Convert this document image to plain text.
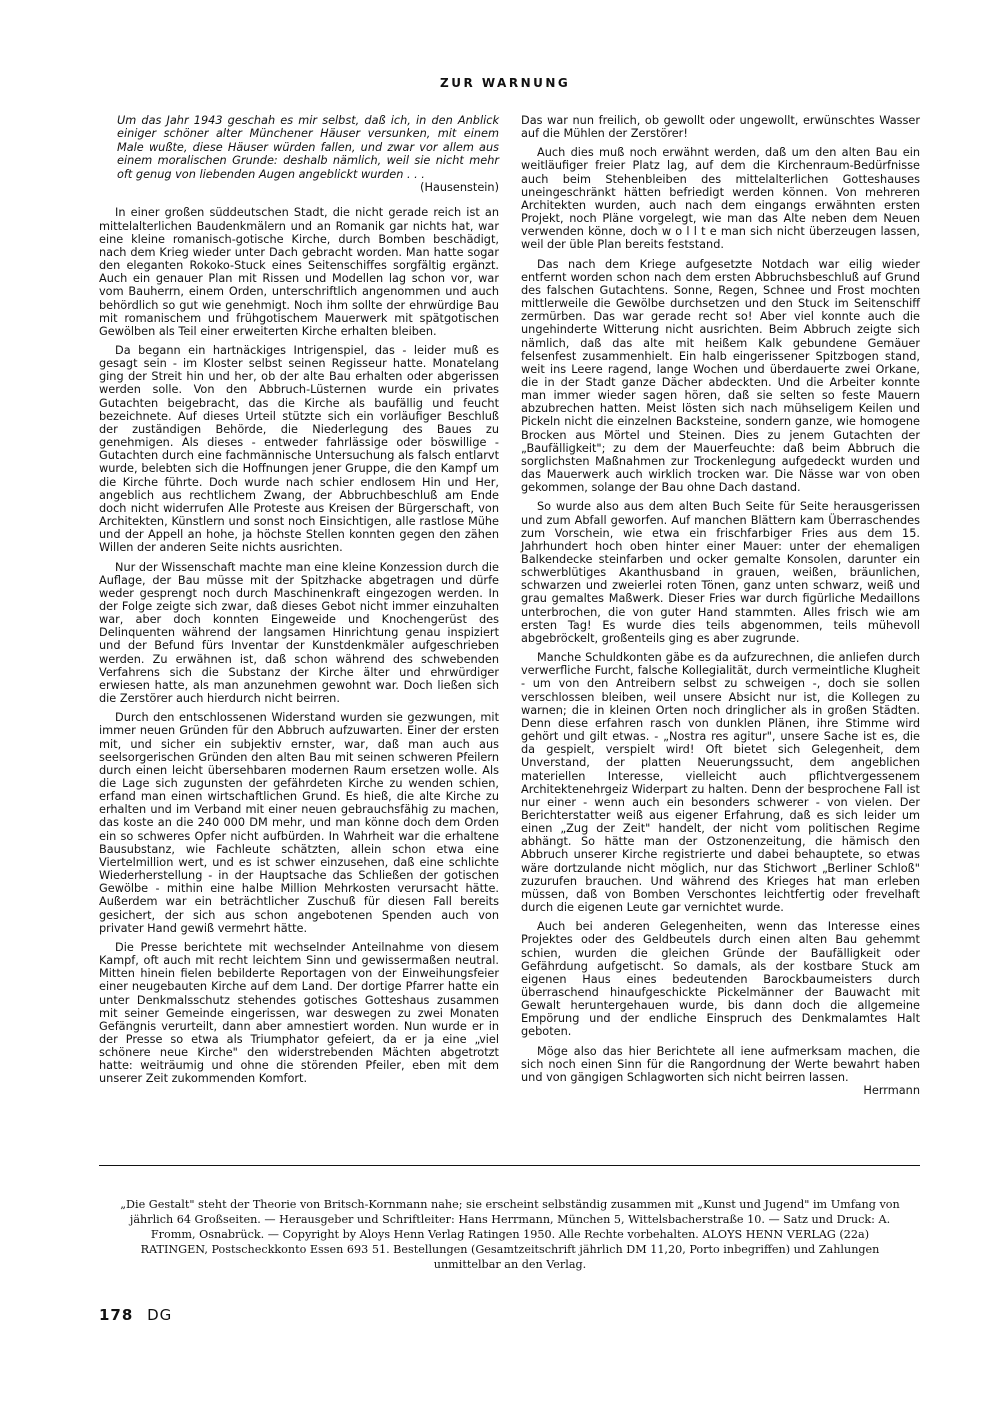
ZUR WARNUNG
Um das Jahr 1943 geschah es mir selbst, daß ich, in den Anblick einiger schöner alter Münchener Häuser versunken, mit einem Male wußte, diese Häuser würden fallen, und zwar vor allem aus einem moralischen Grunde: deshalb nämlich, weil sie nicht mehr oft genug von liebenden Augen angeblickt wurden . . .
(Hausenstein)

In einer großen süddeutschen Stadt, die nicht gerade reich ist an mittelalterlichen Baudenkmälern und an Romanik gar nichts hat, war eine kleine romanisch-gotische Kirche, durch Bomben beschädigt, nach dem Krieg wieder unter Dach gebracht worden. Man hatte sogar den eleganten Rokoko-Stuck eines Seitenschiffes sorgfältig ergänzt. Auch ein genauer Plan mit Rissen und Modellen lag schon vor, war vom Bauherrn, einem Orden, unterschriftlich angenommen und auch behördlich so gut wie genehmigt. Noch ihm sollte der ehrwürdige Bau mit romanischem und frühgotischem Mauerwerk mit spätgotischen Gewölben als Teil einer erweiterten Kirche erhalten bleiben.

Da begann ein hartnäckiges Intrigenspiel, das - leider muß es gesagt sein - im Kloster selbst seinen Regisseur hatte. Monatelang ging der Streit hin und her, ob der alte Bau erhalten oder abgerissen werden solle. Von den Abbruch-Lüsternen wurde ein privates Gutachten beigebracht, das die Kirche als baufällig und feucht bezeichnete. Auf dieses Urteil stützte sich ein vorläufiger Beschluß der zuständigen Behörde, die Niederlegung des Baues zu genehmigen. Als dieses - entweder fahrlässige oder böswillige - Gutachten durch eine fachmännische Untersuchung als falsch entlarvt wurde, belebten sich die Hoffnungen jener Gruppe, die den Kampf um die Kirche führte. Doch wurde nach schier endlosem Hin und Her, angeblich aus rechtlichem Zwang, der Abbruchbeschluß am Ende doch nicht widerrufen Alle Proteste aus Kreisen der Bürgerschaft, von Architekten, Künstlern und sonst noch Einsichtigen, alle rastlose Mühe und der Appell an hohe, ja höchste Stellen konnten gegen den zähen Willen der anderen Seite nichts ausrichten.

Nur der Wissenschaft machte man eine kleine Konzession durch die Auflage, der Bau müsse mit der Spitzhacke abgetragen und dürfe weder gesprengt noch durch Maschinenkraft eingezogen werden. In der Folge zeigte sich zwar, daß dieses Gebot nicht immer einzuhalten war, aber doch konnten Eingeweide und Knochengerüst des Delinquenten während der langsamen Hinrichtung genau inspiziert und der Befund fürs Inventar der Kunstdenkmäler aufgeschrieben werden. Zu erwähnen ist, daß schon während des schwebenden Verfahrens sich die Substanz der Kirche älter und ehrwürdiger erwiesen hatte, als man anzunehmen gewohnt war. Doch ließen sich die Zerstörer auch hierdurch nicht beirren.

Durch den entschlossenen Widerstand wurden sie gezwungen, mit immer neuen Gründen für den Abbruch aufzuwarten. Einer der ersten mit, und sicher ein subjektiv ernster, war, daß man auch aus seelsorgerischen Gründen den alten Bau mit seinen schweren Pfeilern durch einen leicht übersehbaren modernen Raum ersetzen wolle. Als die Lage sich zugunsten der gefährdeten Kirche zu wenden schien, erfand man einen wirtschaftlichen Grund. Es hieß, die alte Kirche zu erhalten und im Verband mit einer neuen gebrauchsfähig zu machen, das koste an die 240 000 DM mehr, und man könne doch dem Orden ein so schweres Opfer nicht aufbürden. In Wahrheit war die erhaltene Bausubstanz, wie Fachleute schätzten, allein schon etwa eine Viertelmillion wert, und es ist schwer einzusehen, daß eine schlichte Wiederherstellung - in der Hauptsache das Schließen der gotischen Gewölbe - mithin eine halbe Million Mehrkosten verursacht hätte. Außerdem war ein beträchtlicher Zuschuß für diesen Fall bereits gesichert, der sich aus schon angebotenen Spenden auch von privater Hand gewiß vermehrt hätte.

Die Presse berichtete mit wechselnder Anteilnahme von diesem Kampf, oft auch mit recht leichtem Sinn und gewissermaßen neutral. Mitten hinein fielen bebilderte Reportagen von der Einweihungsfeier einer neugebauten Kirche auf dem Land. Der dortige Pfarrer hatte ein unter Denkmalsschutz stehendes gotisches Gotteshaus zusammen mit seiner Gemeinde eingerissen, war deswegen zu zwei Monaten Gefängnis verurteilt, dann aber amnestiert worden. Nun wurde er in der Presse so etwa als Triumphator gefeiert, da er ja eine „viel schönere neue Kirche" den widerstrebenden Mächten abgetrotzt hatte: weiträumig und ohne die störenden Pfeiler, eben mit dem unserer Zeit zukommenden Komfort.

Das war nun freilich, ob gewollt oder ungewollt, erwünschtes Wasser auf die Mühlen der Zerstörer!

Auch dies muß noch erwähnt werden, daß um den alten Bau ein weitläufiger freier Platz lag, auf dem die Kirchenraum-Bedürfnisse auch beim Stehenbleiben des mittelalterlichen Gotteshauses uneingeschränkt hätten befriedigt werden können. Von mehreren Architekten wurden, auch nach dem eingangs erwähnten ersten Projekt, noch Pläne vorgelegt, wie man das Alte neben dem Neuen verwenden könne, doch w o l l t e man sich nicht überzeugen lassen, weil der üble Plan bereits feststand.

Das nach dem Kriege aufgesetzte Notdach war eilig wieder entfernt worden schon nach dem ersten Abbruchsbeschluß auf Grund des falschen Gutachtens. Sonne, Regen, Schnee und Frost mochten mittlerweile die Gewölbe durchsetzen und den Stuck im Seitenschiff zermürben. Das war gerade recht so! Aber viel konnte auch die ungehinderte Witterung nicht ausrichten. Beim Abbruch zeigte sich nämlich, daß das alte mit heißem Kalk gebundene Gemäuer felsenfest zusammenhielt. Ein halb eingerissener Spitzbogen stand, weit ins Leere ragend, lange Wochen und überdauerte zwei Orkane, die in der Stadt ganze Dächer abdeckten. Und die Arbeiter konnte man immer wieder sagen hören, daß sie selten so feste Mauern abzubrechen hatten. Meist lösten sich nach mühseligem Keilen und Pickeln nicht die einzelnen Backsteine, sondern ganze, wie homogene Brocken aus Mörtel und Steinen. Dies zu jenem Gutachten der „Baufälligkeit"; zu dem der Mauerfeuchte: daß beim Abbruch die sorglichsten Maßnahmen zur Trockenlegung aufgedeckt wurden und das Mauerwerk auch wirklich trocken war. Die Nässe war von oben gekommen, solange der Bau ohne Dach dastand.

So wurde also aus dem alten Buch Seite für Seite herausgerissen und zum Abfall geworfen. Auf manchen Blättern kam Überraschendes zum Vorschein, wie etwa ein frischfarbiger Fries aus dem 15. Jahrhundert hoch oben hinter einer Mauer: unter der ehemaligen Balkendecke steinfarben und ocker gemalte Konsolen, darunter ein schwerblütiges Akanthusband in grauen, weißen, bräunlichen, schwarzen und zweierlei roten Tönen, ganz unten schwarz, weiß und grau gemaltes Maßwerk. Dieser Fries war durch figürliche Medaillons unterbrochen, die von guter Hand stammten. Alles frisch wie am ersten Tag! Es wurde dies teils abgenommen, teils mühevoll abgebröckelt, großenteils ging es aber zugrunde.

Manche Schuldkonten gäbe es da aufzurechnen, die anliefen durch verwerfliche Furcht, falsche Kollegialität, durch vermeintliche Klugheit - um von den Antreibern selbst zu schweigen -, doch sie sollen verschlossen bleiben, weil unsere Absicht nur ist, die Kollegen zu warnen; die in kleinen Orten noch dringlicher als in großen Städten. Denn diese erfahren rasch von dunklen Plänen, ihre Stimme wird gehört und gilt etwas. - „Nostra res agitur", unsere Sache ist es, die da gespielt, verspielt wird! Oft bietet sich Gelegenheit, dem Unverstand, der platten Neuerungssucht, dem angeblichen materiellen Interesse, vielleicht auch pflichtvergessenem Architektenehrgeiz Widerpart zu halten. Denn der besprochene Fall ist nur einer - wenn auch ein besonders schwerer - von vielen. Der Berichterstatter weiß aus eigener Erfahrung, daß es sich leider um einen „Zug der Zeit" handelt, der nicht vom politischen Regime abhängt. So hätte man der Ostzonenzeitung, die hämisch den Abbruch unserer Kirche registrierte und dabei behauptete, so etwas wäre dortzulande nicht möglich, nur das Stichwort „Berliner Schloß" zuzurufen brauchen. Und während des Krieges hat man erleben müssen, daß von Bomben Verschontes leichtfertig oder frevelhaft durch die eigenen Leute gar vernichtet wurde.

Auch bei anderen Gelegenheiten, wenn das Interesse eines Projektes oder des Geldbeutels durch einen alten Bau gehemmt schien, wurden die gleichen Gründe der Baufälligkeit oder Gefährdung aufgetischt. So damals, als der kostbare Stuck am eigenen Haus eines bedeutenden Barockbaumeisters durch überraschend hinaufgeschickte Pickelmänner der Bauwacht mit Gewalt heruntergehauen wurde, bis dann doch die allgemeine Empörung und der endliche Einspruch des Denkmalamtes Halt geboten.

Möge also das hier Berichtete all iene aufmerksam machen, die sich noch einen Sinn für die Rangordnung der Werte bewahrt haben und von gängigen Schlagworten sich nicht beirren lassen.
Herrmann

„Die Gestalt" steht der Theorie von Britsch-Kornmann nahe; sie erscheint selbständig zusammen mit „Kunst und Jugend" im Umfang von jährlich 64 Großseiten. — Herausgeber und Schriftleiter: Hans Herrmann, München 5, Wittelsbacherstraße 10. — Satz und Druck: A. Fromm, Osnabrück. — Copyright by Aloys Henn Verlag Ratingen 1950. Alle Rechte vorbehalten. ALOYS HENN VERLAG (22a) RATINGEN, Postscheckkonto Essen 693 51. Bestellungen (Gesamtzeitschrift jährlich DM 11,20, Porto inbegriffen) und Zahlungen unmittelbar an den Verlag.
178 DG
